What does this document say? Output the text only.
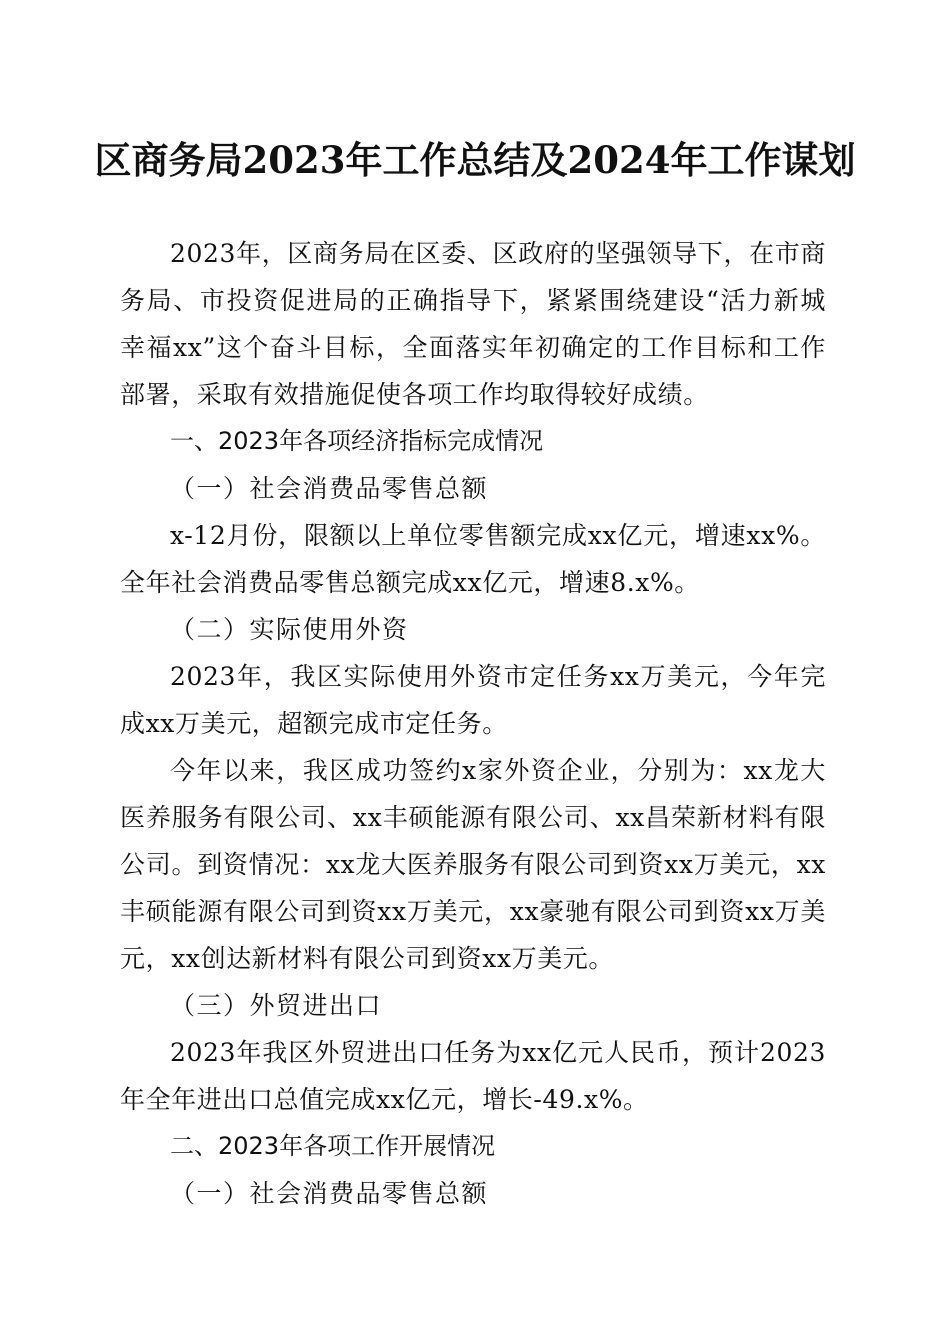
区商务局2023年工作总结及2024年工作谋划

2023年，区商务局在区委、区政府的坚强领导下，在市商务局、市投资促进局的正确指导下，紧紧围绕建设“活力新城 幸福xx”这个奋斗目标，全面落实年初确定的工作目标和工作部署，采取有效措施促使各项工作均取得较好成绩。

一、2023年各项经济指标完成情况

（一）社会消费品零售总额

x-12月份，限额以上单位零售额完成xx亿元，增速xx%。全年社会消费品零售总额完成xx亿元，增速8.x%。

（二）实际使用外资

2023年，我区实际使用外资市定任务xx万美元，今年完成xx万美元，超额完成市定任务。

今年以来，我区成功签约x家外资企业，分别为：xx龙大医养服务有限公司、xx丰硕能源有限公司、xx昌荣新材料有限公司。到资情况：xx龙大医养服务有限公司到资xx万美元，xx丰硕能源有限公司到资xx万美元，xx豪驰有限公司到资xx万美元，xx创达新材料有限公司到资xx万美元。

（三）外贸进出口

2023年我区外贸进出口任务为xx亿元人民币，预计2023年全年进出口总值完成xx亿元，增长-49.x%。

二、2023年各项工作开展情况

（一）社会消费品零售总额
